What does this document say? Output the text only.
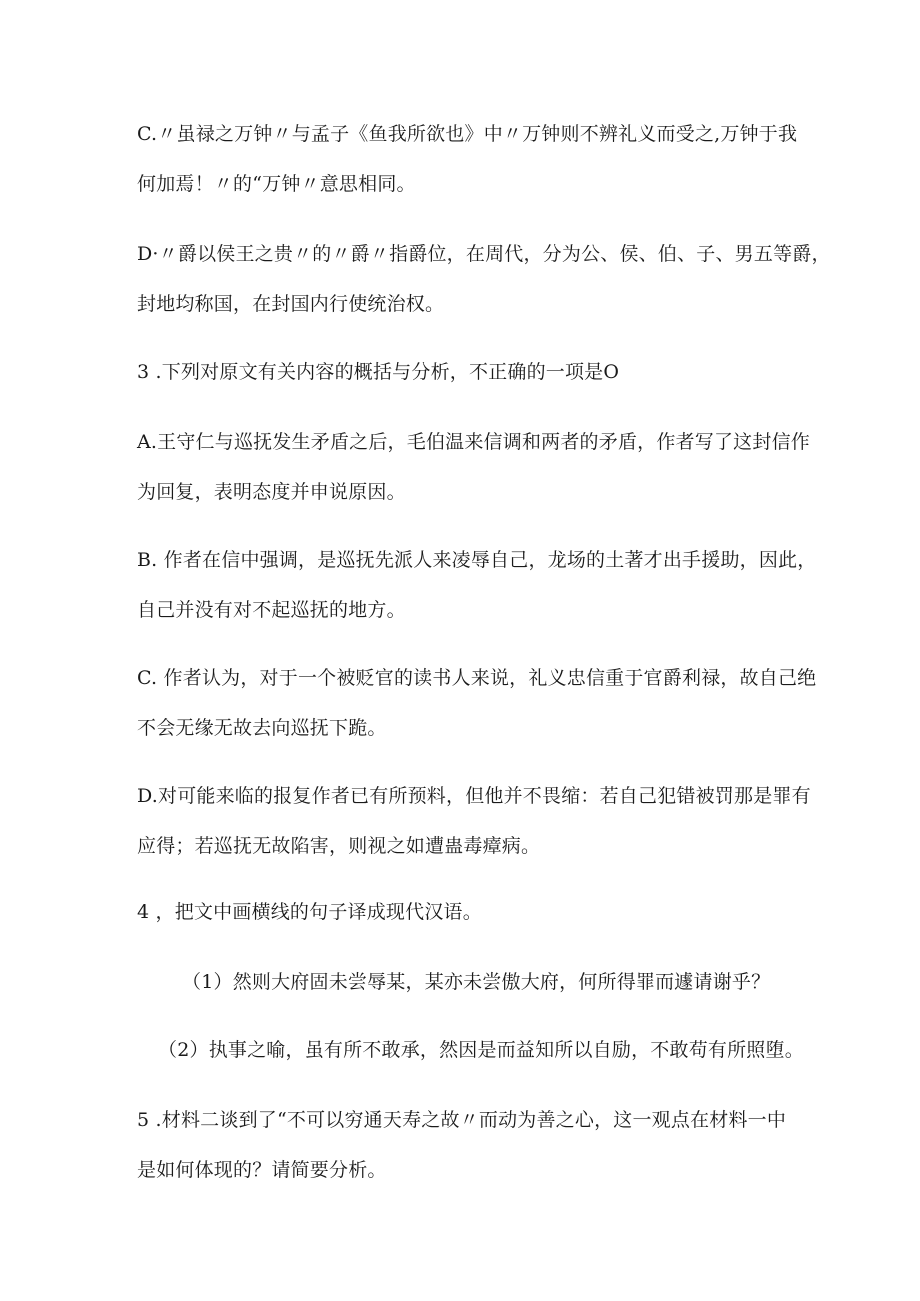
C.〃虽禄之万钟〃与孟子《鱼我所欲也》中〃万钟则不辨礼义而受之,万钟于我
何加焉！〃的“万钟〃意思相同。
D·〃爵以侯王之贵〃的〃爵〃指爵位，在周代，分为公、侯、伯、子、男五等爵，
封地均称国，在封国内行使统治权。
3 .下列对原文有关内容的概括与分析，不正确的一项是O
A.王守仁与巡抚发生矛盾之后，毛伯温来信调和两者的矛盾，作者写了这封信作
为回复，表明态度并申说原因。
B. 作者在信中强调，是巡抚先派人来凌辱自己，龙场的土著才出手援助，因此，
自己并没有对不起巡抚的地方。
C. 作者认为，对于一个被贬官的读书人来说，礼义忠信重于官爵利禄，故自己绝
不会无缘无故去向巡抚下跪。
D.对可能来临的报复作者已有所预料，但他并不畏缩：若自己犯错被罚那是罪有
应得；若巡抚无故陷害，则视之如遭蛊毒瘴病。
4 ，把文中画横线的句子译成现代汉语。
（1）然则大府固未尝辱某，某亦未尝傲大府，何所得罪而遽请谢乎？
（2）执事之喻，虽有所不敢承，然因是而益知所以自励，不敢苟有所照堕。
5 .材料二谈到了“不可以穷通天寿之故〃而动为善之心，这一观点在材料一中
是如何体现的？请简要分析。
